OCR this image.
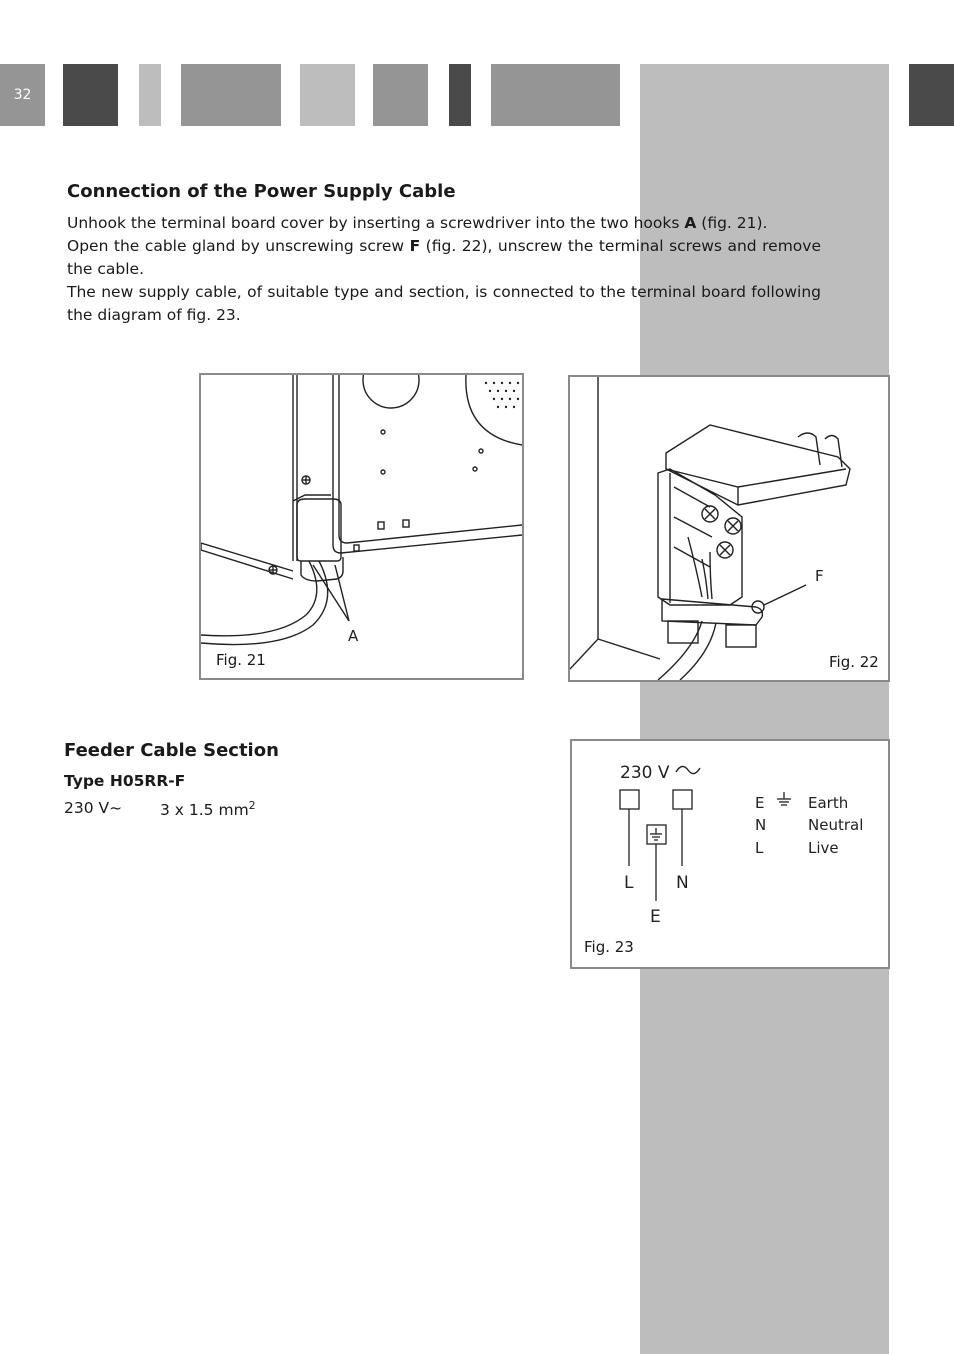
32
Connection of the Power Supply Cable

Unhook the terminal board cover by inserting a screwdriver into the two hooks A (fig. 21).

Open the cable gland by unscrewing screw F (fig. 22), unscrew the terminal screws and remove the cable.

The new supply cable, of suitable type and section, is connected to the terminal board following the diagram of fig. 23.

A
Fig. 21
F
Fig. 22
Feeder Cable Section
Type H05RR-F
230 V~ 3 x 1.5 $mm^2$
230 V
L	N
E
E	Earth
N	Neutral
L	Live
Fig. 23
